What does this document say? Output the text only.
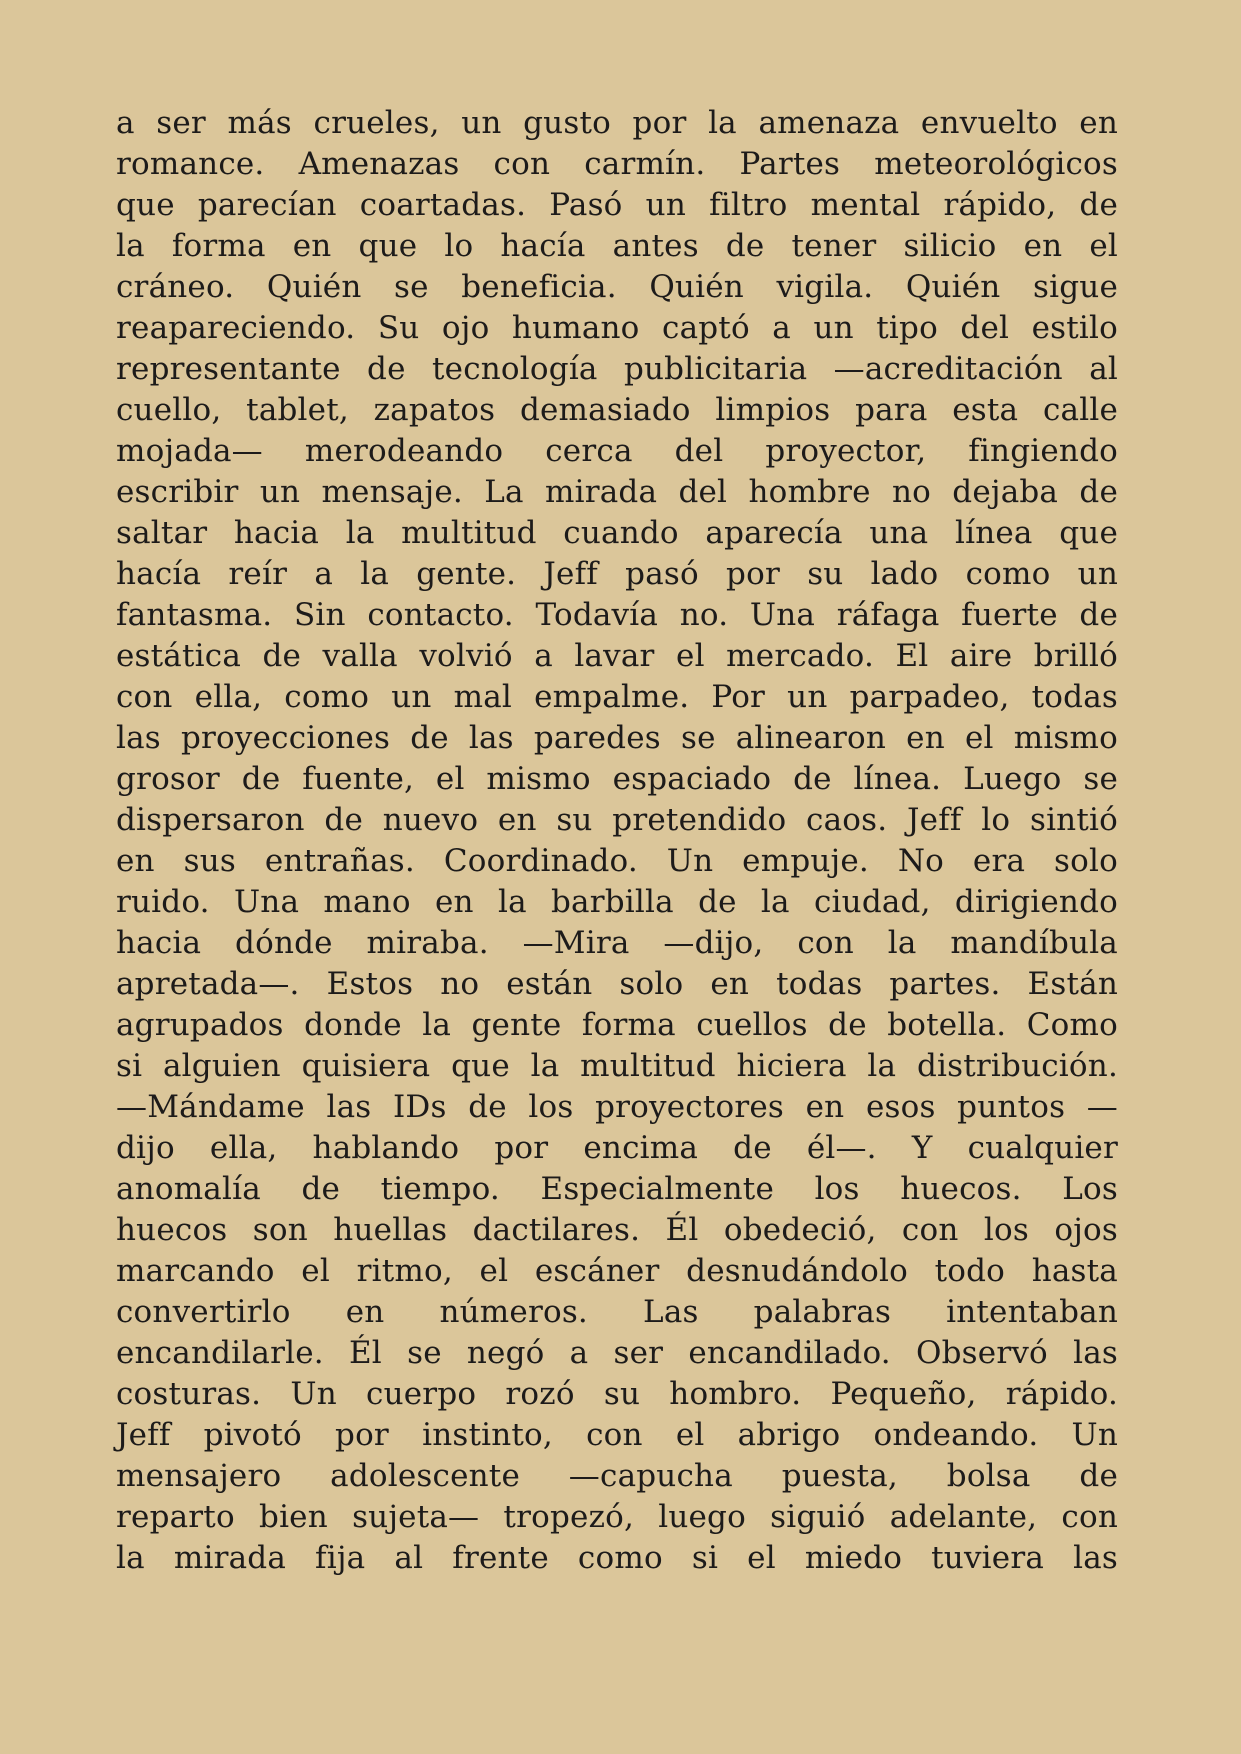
a ser más crueles, un gusto por la amenaza envuelto en
romance. Amenazas con carmín. Partes meteorológicos
que parecían coartadas. Pasó un filtro mental rápido, de
la forma en que lo hacía antes de tener silicio en el
cráneo. Quién se beneficia. Quién vigila. Quién sigue
reapareciendo. Su ojo humano captó a un tipo del estilo
representante de tecnología publicitaria —acreditación al
cuello, tablet, zapatos demasiado limpios para esta calle
mojada— merodeando cerca del proyector, fingiendo
escribir un mensaje. La mirada del hombre no dejaba de
saltar hacia la multitud cuando aparecía una línea que
hacía reír a la gente. Jeff pasó por su lado como un
fantasma. Sin contacto. Todavía no. Una ráfaga fuerte de
estática de valla volvió a lavar el mercado. El aire brilló
con ella, como un mal empalme. Por un parpadeo, todas
las proyecciones de las paredes se alinearon en el mismo
grosor de fuente, el mismo espaciado de línea. Luego se
dispersaron de nuevo en su pretendido caos. Jeff lo sintió
en sus entrañas. Coordinado. Un empuje. No era solo
ruido. Una mano en la barbilla de la ciudad, dirigiendo
hacia dónde miraba. —Mira —dijo, con la mandíbula
apretada—. Estos no están solo en todas partes. Están
agrupados donde la gente forma cuellos de botella. Como
si alguien quisiera que la multitud hiciera la distribución.
—Mándame las IDs de los proyectores en esos puntos —
dijo ella, hablando por encima de él—. Y cualquier
anomalía de tiempo. Especialmente los huecos. Los
huecos son huellas dactilares. Él obedeció, con los ojos
marcando el ritmo, el escáner desnudándolo todo hasta
convertirlo en números. Las palabras intentaban
encandilarle. Él se negó a ser encandilado. Observó las
costuras. Un cuerpo rozó su hombro. Pequeño, rápido.
Jeff pivotó por instinto, con el abrigo ondeando. Un
mensajero adolescente —capucha puesta, bolsa de
reparto bien sujeta— tropezó, luego siguió adelante, con
la mirada fija al frente como si el miedo tuviera las
